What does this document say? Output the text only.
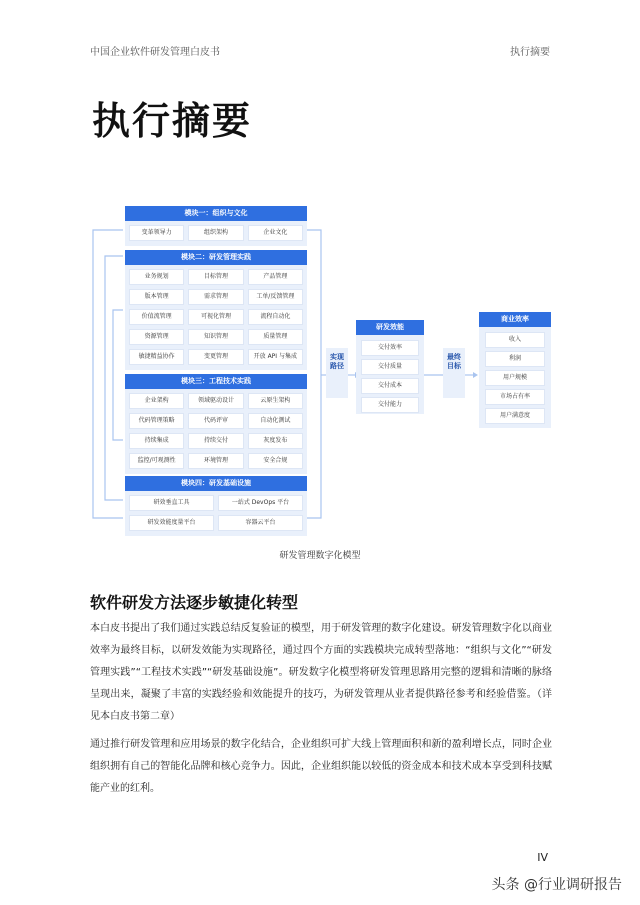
中国企业软件研发管理白皮书	执行摘要
执行摘要
模块一：组织与文化
变革领导力	组织架构	企业文化
模块二：研发管理实践
业务规划	目标管理	产品管理
版本管理	需求管理	工单/反馈管理
价值流管理	可视化管理	流程自动化
资源管理	知识管理	质量管理
敏捷精益协作	变更管理	开放 API 与集成
模块三：工程技术实践
企业架构	领域驱动设计	云原生架构
代码管理策略	代码评审	自动化测试
持续集成	持续交付	灰度发布
监控/可观测性	环境管理	安全合规
模块四：研发基础设施
研效垂直工具	一站式 DevOps 平台
研发效能度量平台	容器云平台
实现路径
研发效能
交付效率
交付质量
交付成本
交付能力
最终目标
商业效率
收入
利润
用户规模
市场占有率
用户满意度
研发管理数字化模型
软件研发方法逐步敏捷化转型
本白皮书提出了我们通过实践总结反复验证的模型，用于研发管理的数字化建设。研发管理数字化以商业效率为最终目标，以研发效能为实现路径，通过四个方面的实践模块完成转型落地：“组织与文化”“研发管理实践”“工程技术实践”“研发基础设施”。研发数字化模型将研发管理思路用完整的逻辑和清晰的脉络呈现出来，凝聚了丰富的实践经验和效能提升的技巧，为研发管理从业者提供路径参考和经验借鉴。（详见本白皮书第二章）
通过推行研发管理和应用场景的数字化结合，企业组织可扩大线上管理面积和新的盈利增长点，同时企业组织拥有自己的智能化品牌和核心竞争力。因此，企业组织能以较低的资金成本和技术成本享受到科技赋能产业的红利。
IV
头条 @行业调研报告
